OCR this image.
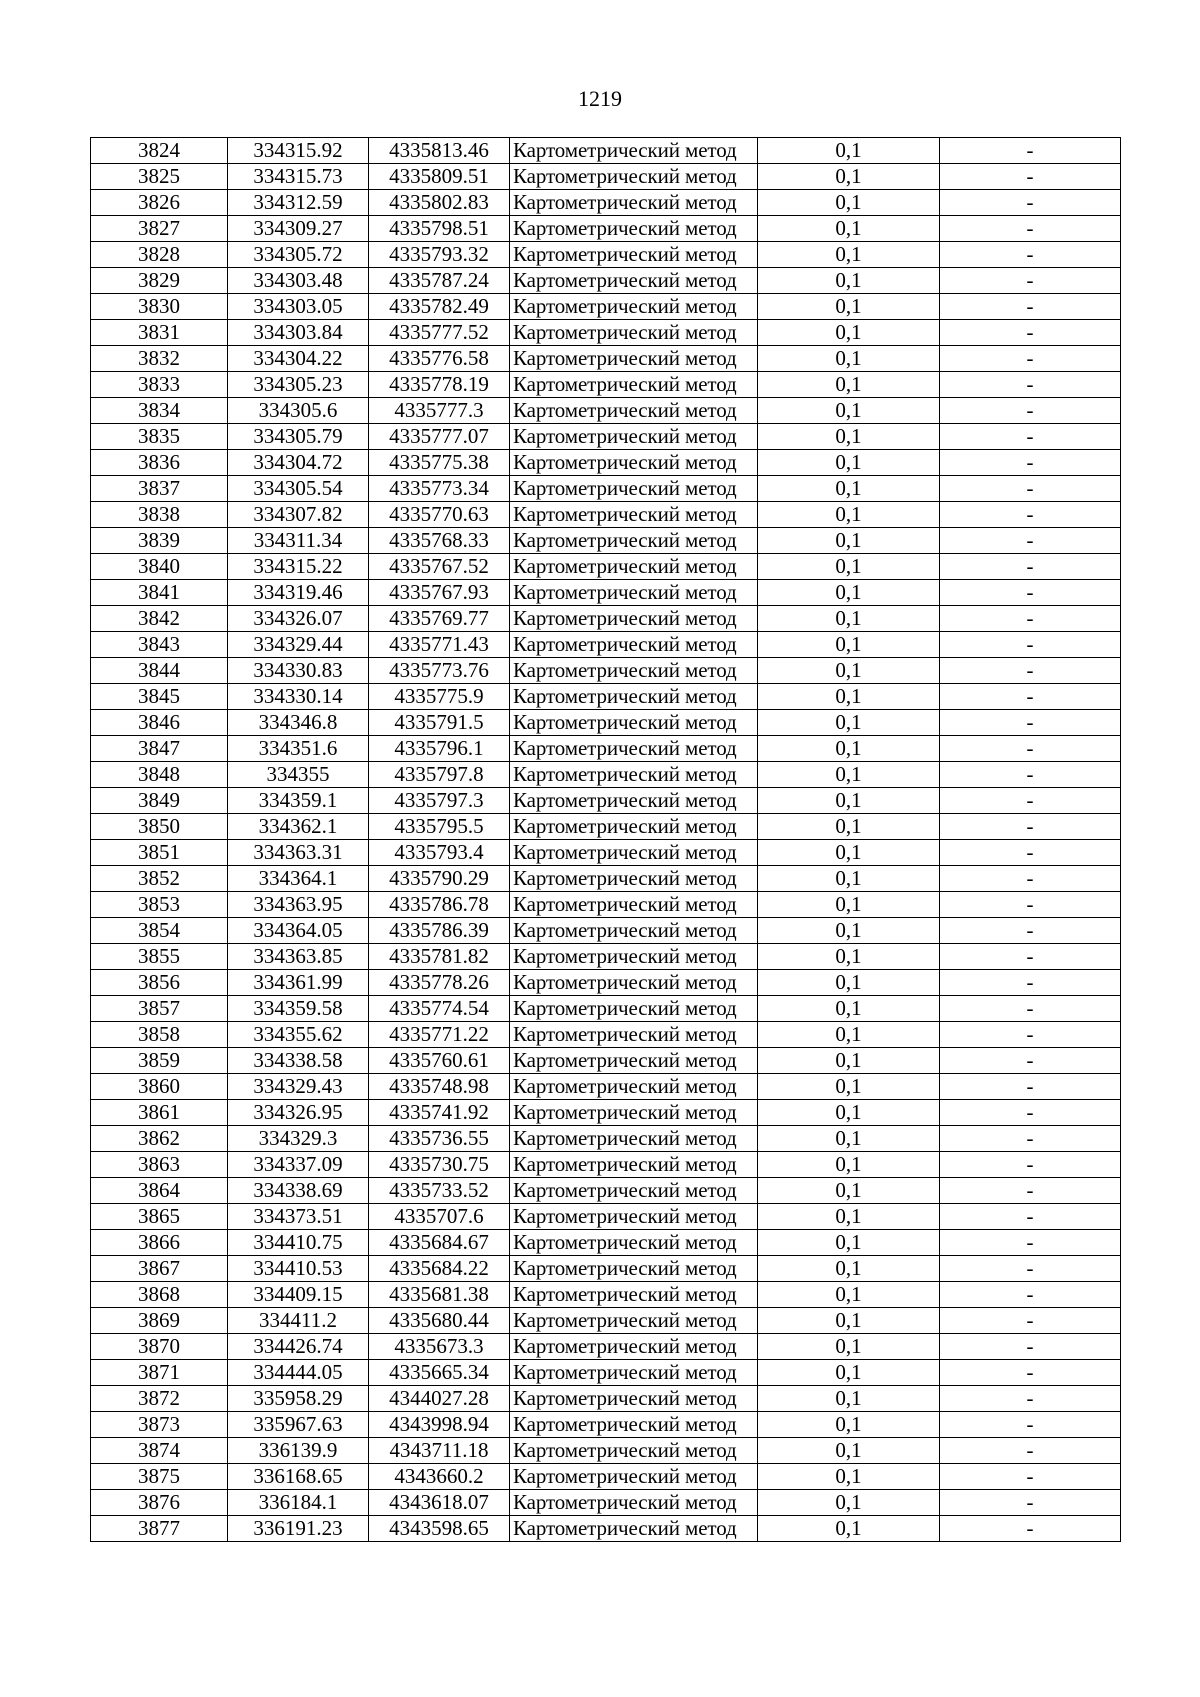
1219
3824	334315.92	4335813.46	Картометрический метод	0,1	-
3825	334315.73	4335809.51	Картометрический метод	0,1	-
3826	334312.59	4335802.83	Картометрический метод	0,1	-
3827	334309.27	4335798.51	Картометрический метод	0,1	-
3828	334305.72	4335793.32	Картометрический метод	0,1	-
3829	334303.48	4335787.24	Картометрический метод	0,1	-
3830	334303.05	4335782.49	Картометрический метод	0,1	-
3831	334303.84	4335777.52	Картометрический метод	0,1	-
3832	334304.22	4335776.58	Картометрический метод	0,1	-
3833	334305.23	4335778.19	Картометрический метод	0,1	-
3834	334305.6	4335777.3	Картометрический метод	0,1	-
3835	334305.79	4335777.07	Картометрический метод	0,1	-
3836	334304.72	4335775.38	Картометрический метод	0,1	-
3837	334305.54	4335773.34	Картометрический метод	0,1	-
3838	334307.82	4335770.63	Картометрический метод	0,1	-
3839	334311.34	4335768.33	Картометрический метод	0,1	-
3840	334315.22	4335767.52	Картометрический метод	0,1	-
3841	334319.46	4335767.93	Картометрический метод	0,1	-
3842	334326.07	4335769.77	Картометрический метод	0,1	-
3843	334329.44	4335771.43	Картометрический метод	0,1	-
3844	334330.83	4335773.76	Картометрический метод	0,1	-
3845	334330.14	4335775.9	Картометрический метод	0,1	-
3846	334346.8	4335791.5	Картометрический метод	0,1	-
3847	334351.6	4335796.1	Картометрический метод	0,1	-
3848	334355	4335797.8	Картометрический метод	0,1	-
3849	334359.1	4335797.3	Картометрический метод	0,1	-
3850	334362.1	4335795.5	Картометрический метод	0,1	-
3851	334363.31	4335793.4	Картометрический метод	0,1	-
3852	334364.1	4335790.29	Картометрический метод	0,1	-
3853	334363.95	4335786.78	Картометрический метод	0,1	-
3854	334364.05	4335786.39	Картометрический метод	0,1	-
3855	334363.85	4335781.82	Картометрический метод	0,1	-
3856	334361.99	4335778.26	Картометрический метод	0,1	-
3857	334359.58	4335774.54	Картометрический метод	0,1	-
3858	334355.62	4335771.22	Картометрический метод	0,1	-
3859	334338.58	4335760.61	Картометрический метод	0,1	-
3860	334329.43	4335748.98	Картометрический метод	0,1	-
3861	334326.95	4335741.92	Картометрический метод	0,1	-
3862	334329.3	4335736.55	Картометрический метод	0,1	-
3863	334337.09	4335730.75	Картометрический метод	0,1	-
3864	334338.69	4335733.52	Картометрический метод	0,1	-
3865	334373.51	4335707.6	Картометрический метод	0,1	-
3866	334410.75	4335684.67	Картометрический метод	0,1	-
3867	334410.53	4335684.22	Картометрический метод	0,1	-
3868	334409.15	4335681.38	Картометрический метод	0,1	-
3869	334411.2	4335680.44	Картометрический метод	0,1	-
3870	334426.74	4335673.3	Картометрический метод	0,1	-
3871	334444.05	4335665.34	Картометрический метод	0,1	-
3872	335958.29	4344027.28	Картометрический метод	0,1	-
3873	335967.63	4343998.94	Картометрический метод	0,1	-
3874	336139.9	4343711.18	Картометрический метод	0,1	-
3875	336168.65	4343660.2	Картометрический метод	0,1	-
3876	336184.1	4343618.07	Картометрический метод	0,1	-
3877	336191.23	4343598.65	Картометрический метод	0,1	-
